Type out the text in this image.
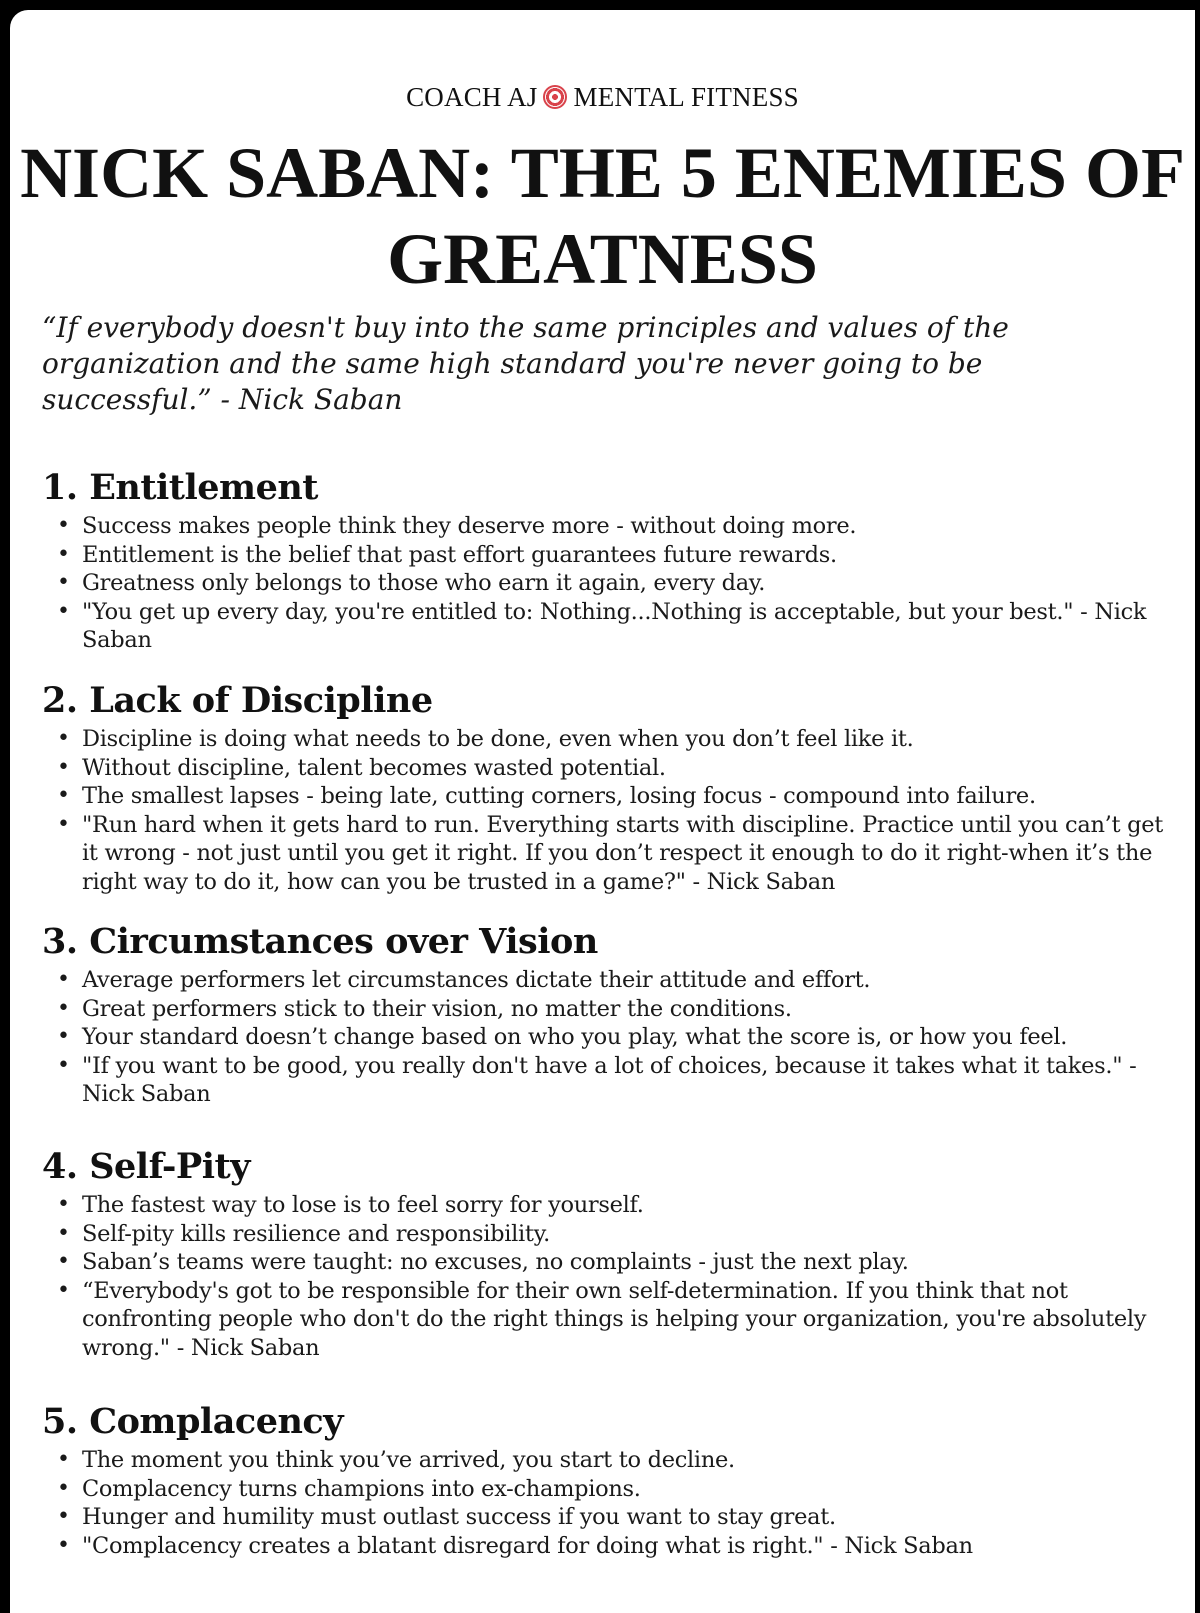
COACH AJ MENTAL FITNESS
NICK SABAN: THE 5 ENEMIES OF GREATNESS

“If everybody doesn't buy into the same principles and values of the organization and the same high standard you're never going to be successful.” - Nick Saban

1. Entitlement
• Success makes people think they deserve more - without doing more.
• Entitlement is the belief that past effort guarantees future rewards.
• Greatness only belongs to those who earn it again, every day.
• "You get up every day, you're entitled to: Nothing...Nothing is acceptable, but your best." - Nick Saban
2. Lack of Discipline
• Discipline is doing what needs to be done, even when you don’t feel like it.
• Without discipline, talent becomes wasted potential.
• The smallest lapses - being late, cutting corners, losing focus - compound into failure.
• "Run hard when it gets hard to run. Everything starts with discipline. Practice until you can’t get it wrong - not just until you get it right. If you don’t respect it enough to do it right-when it’s the right way to do it, how can you be trusted in a game?" - Nick Saban
3. Circumstances over Vision
• Average performers let circumstances dictate their attitude and effort.
• Great performers stick to their vision, no matter the conditions.
• Your standard doesn’t change based on who you play, what the score is, or how you feel.
• "If you want to be good, you really don't have a lot of choices, because it takes what it takes." - Nick Saban
4. Self-Pity
• The fastest way to lose is to feel sorry for yourself.
• Self-pity kills resilience and responsibility.
• Saban’s teams were taught: no excuses, no complaints - just the next play.
• “Everybody's got to be responsible for their own self-determination. If you think that not confronting people who don't do the right things is helping your organization, you're absolutely wrong." - Nick Saban
5. Complacency
• The moment you think you’ve arrived, you start to decline.
• Complacency turns champions into ex-champions.
• Hunger and humility must outlast success if you want to stay great.
• "Complacency creates a blatant disregard for doing what is right." - Nick Saban
